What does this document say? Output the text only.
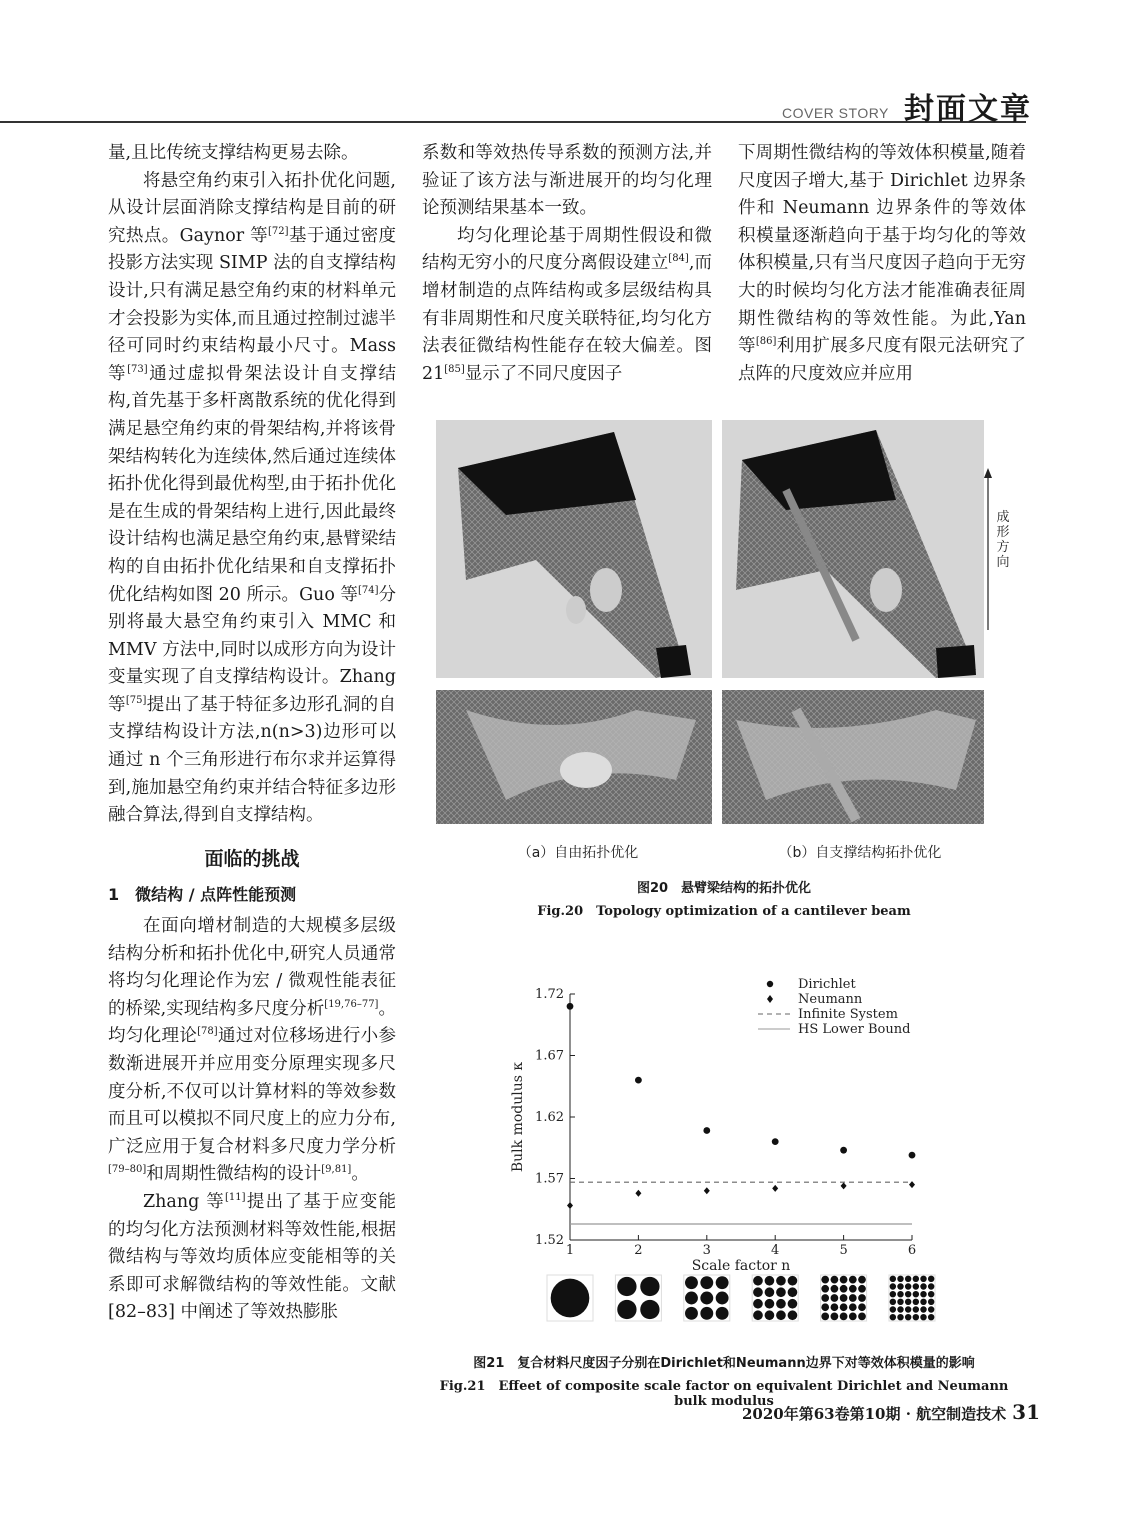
COVER STORY 封面文章

量,且比传统支撑结构更易去除。

将悬空角约束引入拓扑优化问题,从设计层面消除支撑结构是目前的研究热点。Gaynor 等[72]基于通过密度投影方法实现 SIMP 法的自支撑结构设计,只有满足悬空角约束的材料单元才会投影为实体,而且通过控制过滤半径可同时约束结构最小尺寸。Mass 等[73]通过虚拟骨架法设计自支撑结构,首先基于多杆离散系统的优化得到满足悬空角约束的骨架结构,并将该骨架结构转化为连续体,然后通过连续体拓扑优化得到最优构型,由于拓扑优化是在生成的骨架结构上进行,因此最终设计结构也满足悬空角约束,悬臂梁结构的自由拓扑优化结果和自支撑拓扑优化结构如图 20 所示。Guo 等[74]分别将最大悬空角约束引入 MMC 和 MMV 方法中,同时以成形方向为设计变量实现了自支撑结构设计。Zhang 等[75]提出了基于特征多边形孔洞的自支撑结构设计方法,n(n>3)边形可以通过 n 个三角形进行布尔求并运算得到,施加悬空角约束并结合特征多边形融合算法,得到自支撑结构。

面临的挑战
1　微结构 / 点阵性能预测

在面向增材制造的大规模多层级结构分析和拓扑优化中,研究人员通常将均匀化理论作为宏 / 微观性能表征的桥梁,实现结构多尺度分析[19,76–77]。均匀化理论[78]通过对位移场进行小参数渐进展开并应用变分原理实现多尺度分析,不仅可以计算材料的等效参数而且可以模拟不同尺度上的应力分布,广泛应用于复合材料多尺度力学分析[79–80]和周期性微结构的设计[9,81]。

Zhang 等[11]提出了基于应变能的均匀化方法预测材料等效性能,根据微结构与等效均质体应变能相等的关系即可求解微结构的等效性能。文献 [82–83] 中阐述了等效热膨胀

系数和等效热传导系数的预测方法,并验证了该方法与渐进展开的均匀化理论预测结果基本一致。

均匀化理论基于周期性假设和微结构无穷小的尺度分离假设建立[84],而增材制造的点阵结构或多层级结构具有非周期性和尺度关联特征,均匀化方法表征微结构性能存在较大偏差。图 21[85]显示了不同尺度因子

下周期性微结构的等效体积模量,随着尺度因子增大,基于 Dirichlet 边界条件和 Neumann 边界条件的等效体积模量逐渐趋向于基于均匀化的等效体积模量,只有当尺度因子趋向于无穷大的时候均匀化方法才能准确表征周期性微结构的等效性能。为此,Yan 等[86]利用扩展多尺度有限元法研究了点阵的尺度效应并应用

成
形
方
向
（a）自由拓扑优化	（b）自支撑结构拓扑优化
图20　悬臂梁结构的拓扑优化
Fig.20　Topology optimization of a cantilever beam
1.52
1.57
1.62
1.67
1.72
1	2	3	4	5	6
Scale factor n
Bulk modulus κ
Dirichlet
Neumann
Infinite System
HS Lower Bound
图21　复合材料尺度因子分别在Dirichlet和Neumann边界下对等效体积模量的影响
Fig.21　Effeet of composite scale factor on equivalent Dirichlet and Neumann bulk modulus
2020年第63卷第10期 · 航空制造技术 31
